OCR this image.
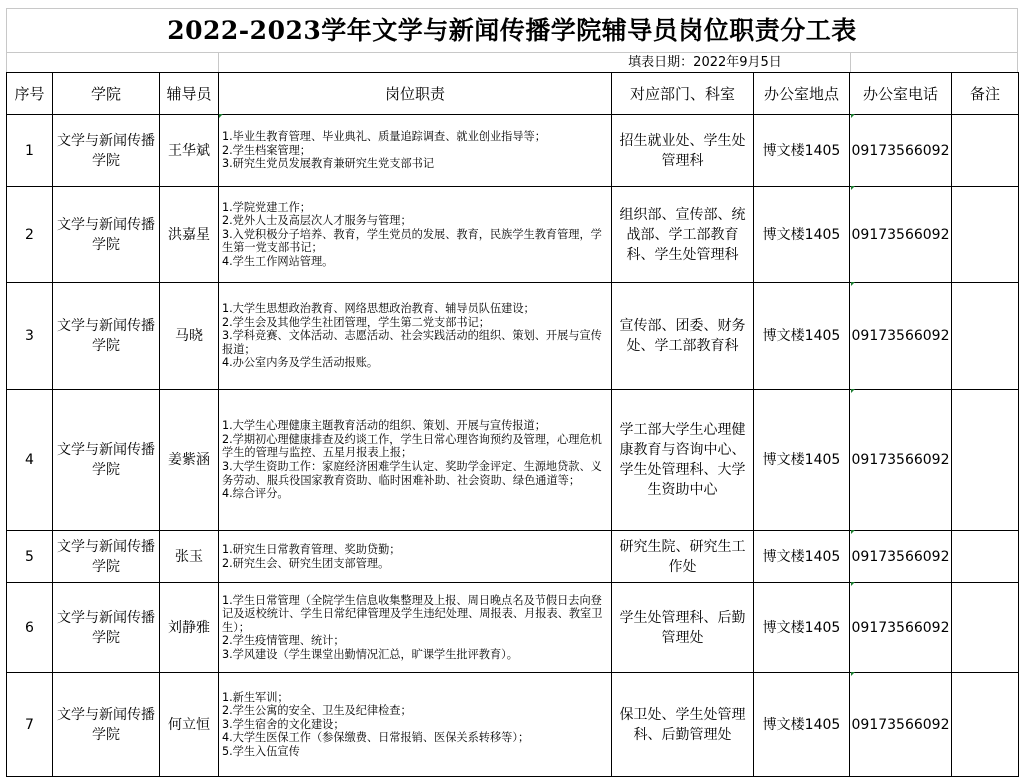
2022-2023学年文学与新闻传播学院辅导员岗位职责分工表
填表日期：2022年9月5日
序号	学院	辅导员	岗位职责	对应部门、科室	办公室地点	办公室电话	备注
1	文学与新闻传播学院	王华斌	1.毕业生教育管理、毕业典礼、质量追踪调查、就业创业指导等；
2.学生档案管理；
3.研究生党员发展教育兼研究生党支部书记	招生就业处、学生处管理科	博文楼1405	09173566092	
2	文学与新闻传播学院	洪嘉星	1.学院党建工作；
2.党外人士及高层次人才服务与管理；
3.入党积极分子培养、教育，学生党员的发展、教育，民族学生教育管理，学生第一党支部书记；
4.学生工作网站管理。	组织部、宣传部、统战部、学工部教育科、学生处管理科	博文楼1405	09173566092	
3	文学与新闻传播学院	马晓	1.大学生思想政治教育、网络思想政治教育、辅导员队伍建设；
2.学生会及其他学生社团管理，学生第二党支部书记；
3.学科竞赛、文体活动、志愿活动、社会实践活动的组织、策划、开展与宣传报道；
4.办公室内务及学生活动报账。	宣传部、团委、财务处、学工部教育科	博文楼1405	09173566092	
4	文学与新闻传播学院	姜紫涵	1.大学生心理健康主题教育活动的组织、策划、开展与宣传报道；
2.学期初心理健康排查及约谈工作，学生日常心理咨询预约及管理，心理危机学生的管理与监控、五星月报表上报；
3.大学生资助工作：家庭经济困难学生认定、奖助学金评定、生源地贷款、义务劳动、服兵役国家教育资助、临时困难补助、社会资助、绿色通道等；
4.综合评分。	学工部大学生心理健康教育与咨询中心、学生处管理科、大学生资助中心	博文楼1405	09173566092	
5	文学与新闻传播学院	张玉	1.研究生日常教育管理、奖助贷勤；
2.研究生会、研究生团支部管理。	研究生院、研究生工作处	博文楼1405	09173566092	
6	文学与新闻传播学院	刘静雅	1.学生日常管理（全院学生信息收集整理及上报、周日晚点名及节假日去向登记及返校统计、学生日常纪律管理及学生违纪处理、周报表、月报表、教室卫生）；
2.学生疫情管理、统计；
3.学风建设（学生课堂出勤情况汇总，旷课学生批评教育）。	学生处管理科、后勤管理处	博文楼1405	09173566092	
7	文学与新闻传播学院	何立恒	1.新生军训；
2.学生公寓的安全、卫生及纪律检查；
3.学生宿舍的文化建设；
4.大学生医保工作（参保缴费、日常报销、医保关系转移等）；
5.学生入伍宣传	保卫处、学生处管理科、后勤管理处	博文楼1405	09173566092	
